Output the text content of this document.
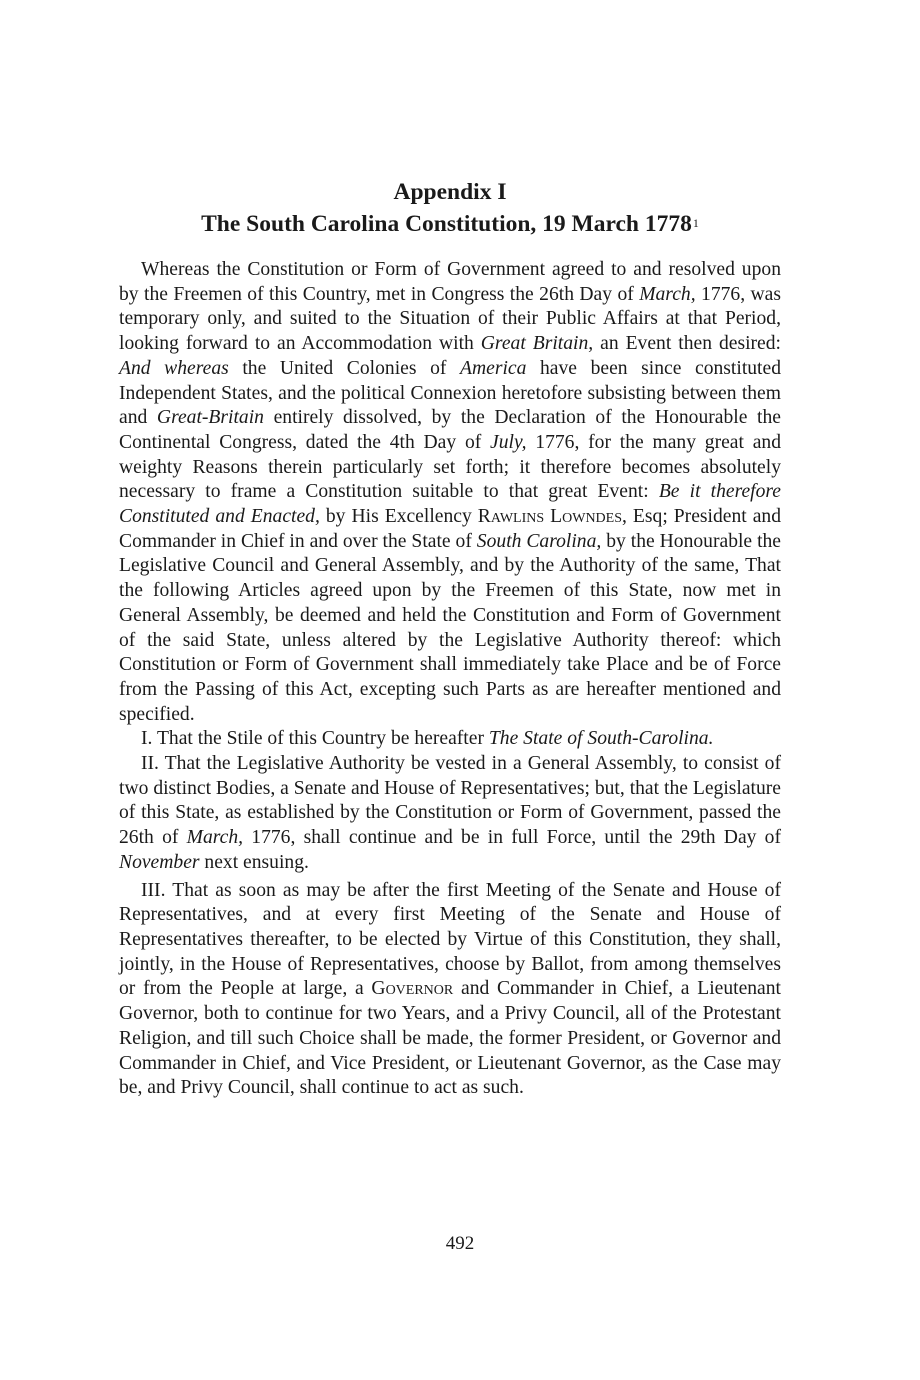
Appendix I
The South Carolina Constitution, 19 March 1778$^1$

Whereas the Constitution or Form of Government agreed to and resolved upon by the Freemen of this Country, met in Congress the 26th Day of March, 1776, was temporary only, and suited to the Situation of their Public Affairs at that Period, looking forward to an Accommodation with Great Britain, an Event then desired: And whereas the United Colonies of America have been since constituted Independent States, and the political Connexion heretofore subsisting between them and Great-Britain entirely dissolved, by the Declaration of the Honourable the Continental Congress, dated the 4th Day of July, 1776, for the many great and weighty Reasons therein particularly set forth; it therefore becomes absolutely necessary to frame a Constitution suitable to that great Event: Be it therefore Constituted and Enacted, by His Excellency Rawlins Lowndes, Esq; President and Commander in Chief in and over the State of South Carolina, by the Honourable the Legislative Council and General Assembly, and by the Authority of the same, That the following Articles agreed upon by the Freemen of this State, now met in General Assembly, be deemed and held the Constitution and Form of Government of the said State, unless altered by the Legislative Authority thereof: which Constitution or Form of Government shall immediately take Place and be of Force from the Passing of this Act, excepting such Parts as are hereafter mentioned and specified.

I. That the Stile of this Country be hereafter The State of South-Carolina.

II. That the Legislative Authority be vested in a General Assembly, to consist of two distinct Bodies, a Senate and House of Representatives; but, that the Legislature of this State, as established by the Constitution or Form of Government, passed the 26th of March, 1776, shall continue and be in full Force, until the 29th Day of November next ensuing.

III. That as soon as may be after the first Meeting of the Senate and House of Representatives, and at every first Meeting of the Senate and House of Representatives thereafter, to be elected by Virtue of this Constitution, they shall, jointly, in the House of Representatives, choose by Ballot, from among themselves or from the People at large, a Governor and Commander in Chief, a Lieutenant Governor, both to continue for two Years, and a Privy Council, all of the Protestant Religion, and till such Choice shall be made, the former President, or Governor and Commander in Chief, and Vice President, or Lieutenant Governor, as the Case may be, and Privy Council, shall continue to act as such.

492
